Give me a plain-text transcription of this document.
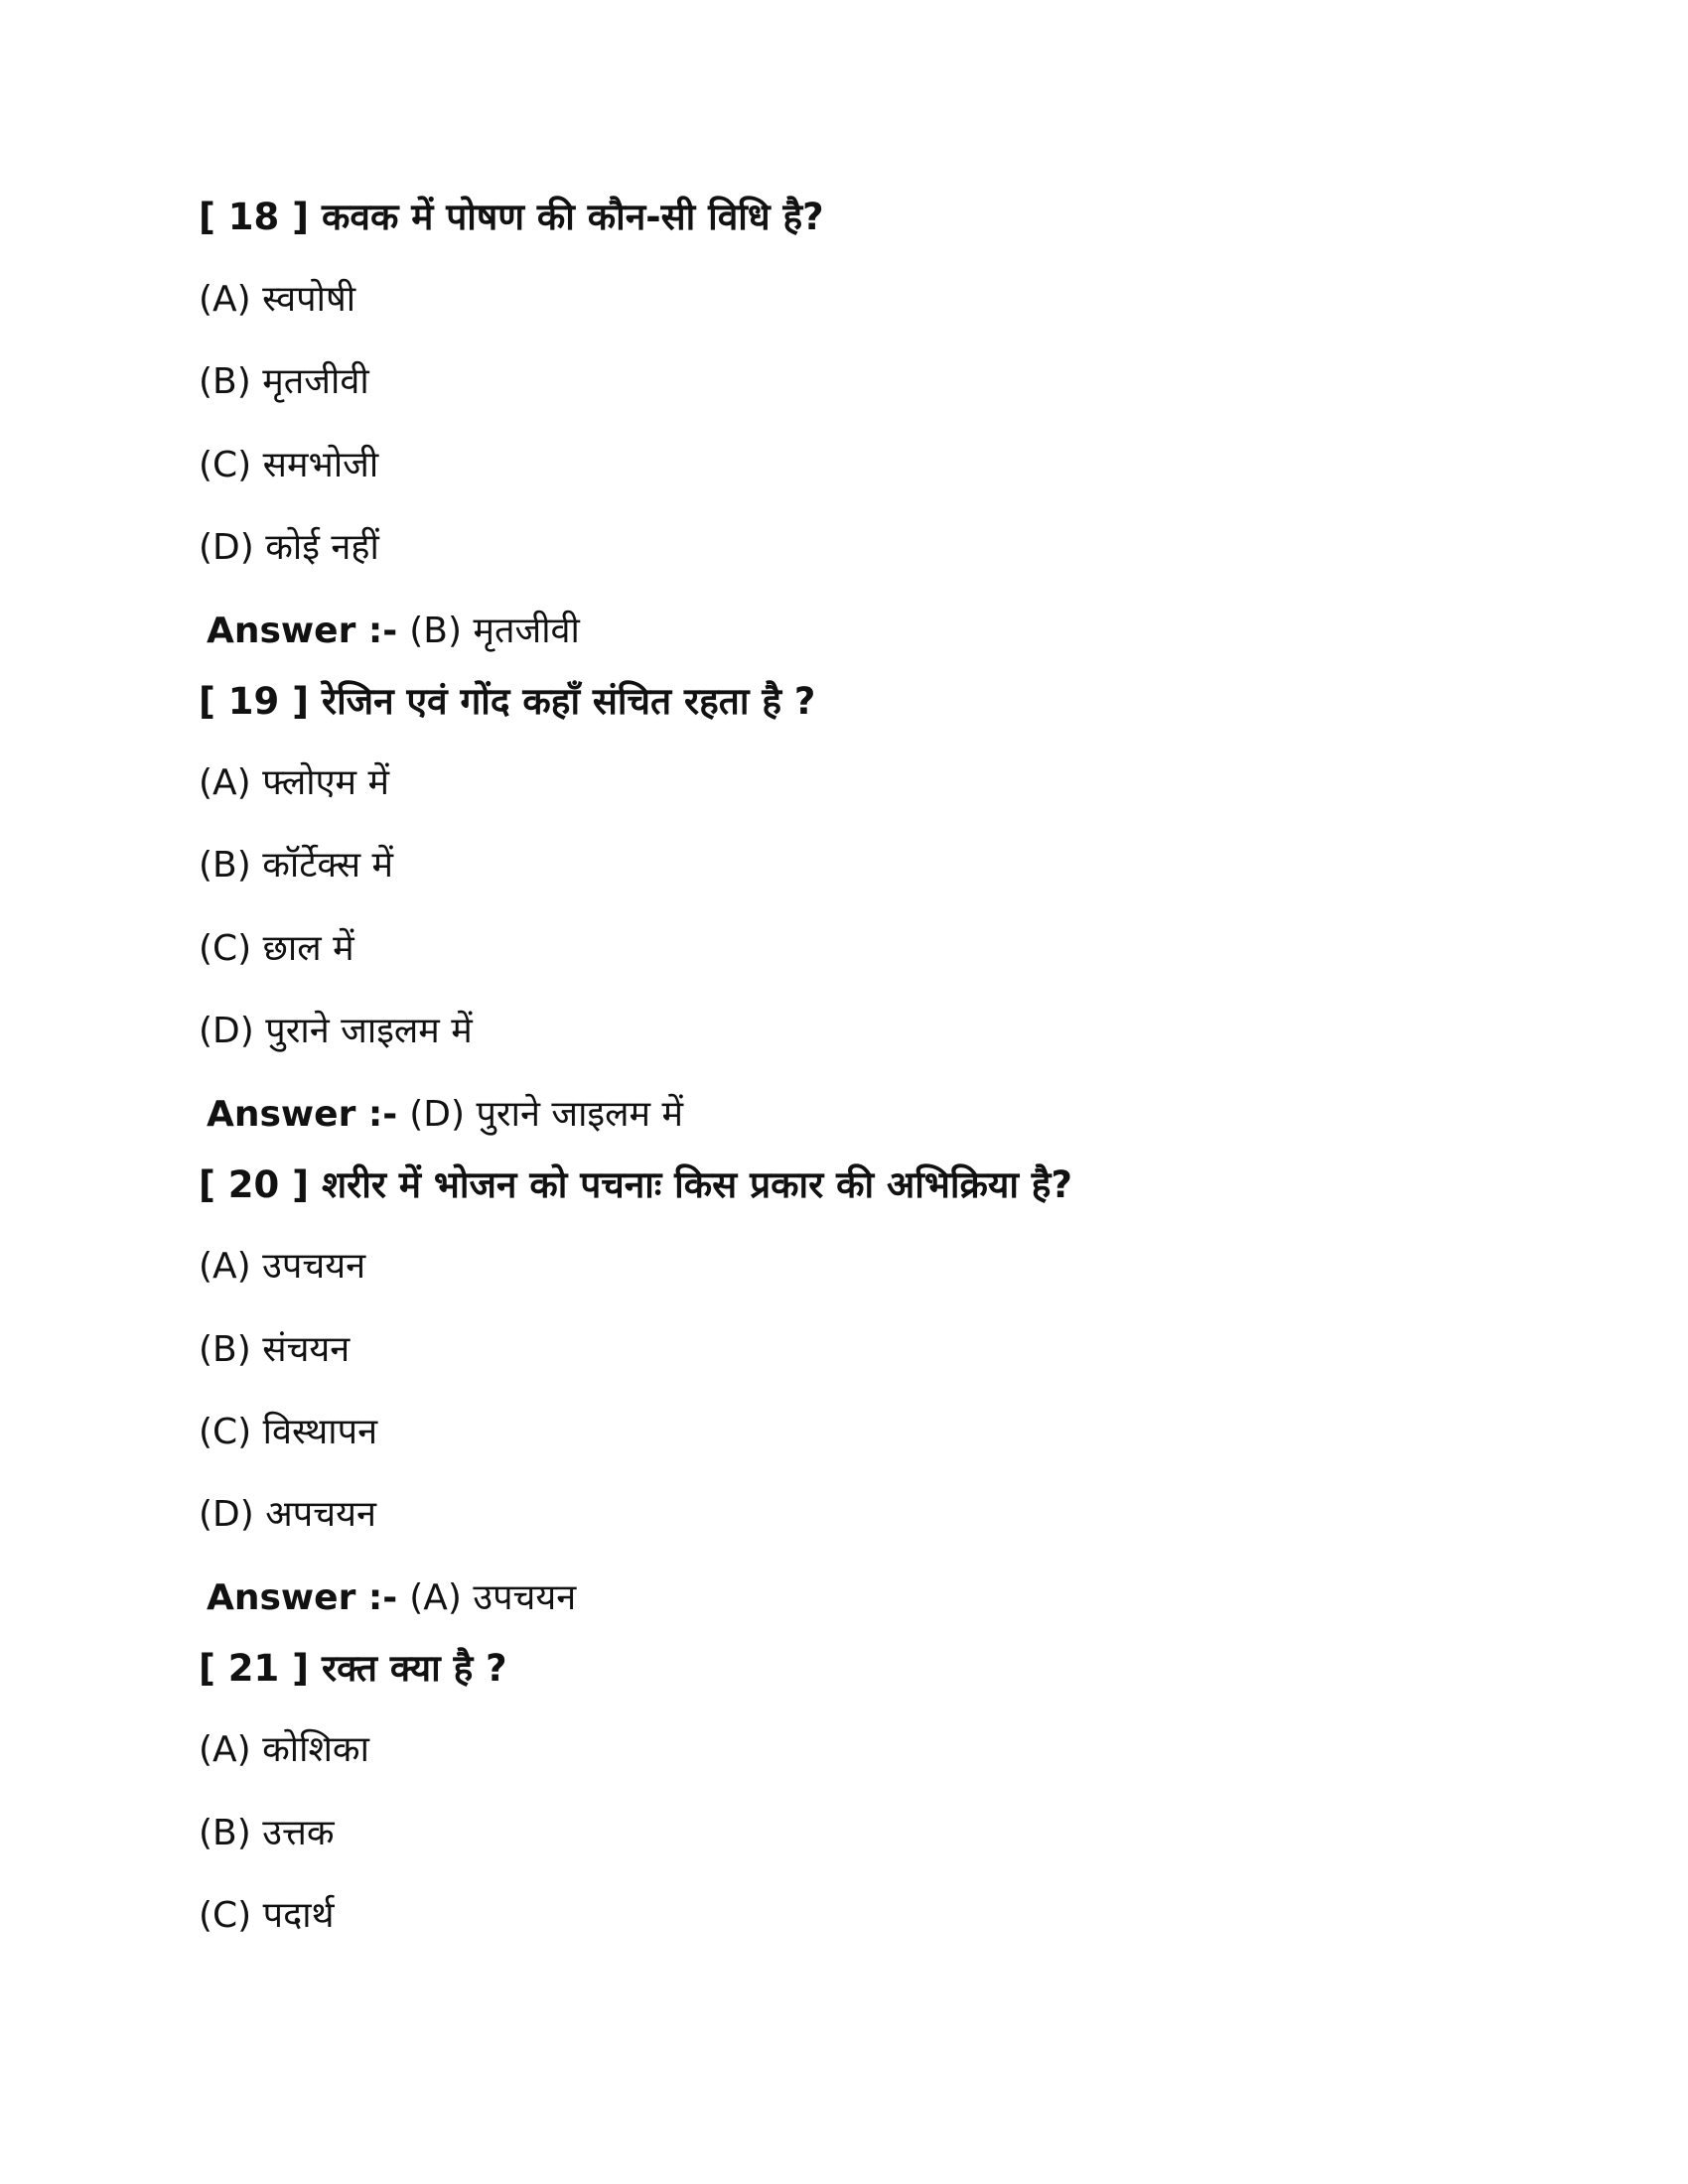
[ 18 ] कवक में पोषण की कौन-सी विधि है?
(A) स्वपोषी
(B) मृतजीवी
(C) समभोजी
(D) कोई नहीं
Answer :- (B) मृतजीवी
[ 19 ] रेजिन एवं गोंद कहाँ संचित रहता है ?
(A) फ्लोएम में
(B) कॉर्टेक्स में
(C) छाल में
(D) पुराने जाइलम में
Answer :- (D) पुराने जाइलम में
[ 20 ] शरीर में भोजन को पचनाः किस प्रकार की अभिक्रिया है?
(A) उपचयन
(B) संचयन
(C) विस्थापन
(D) अपचयन
Answer :- (A) उपचयन
[ 21 ] रक्त क्या है ?
(A) कोशिका
(B) उत्तक
(C) पदार्थ
